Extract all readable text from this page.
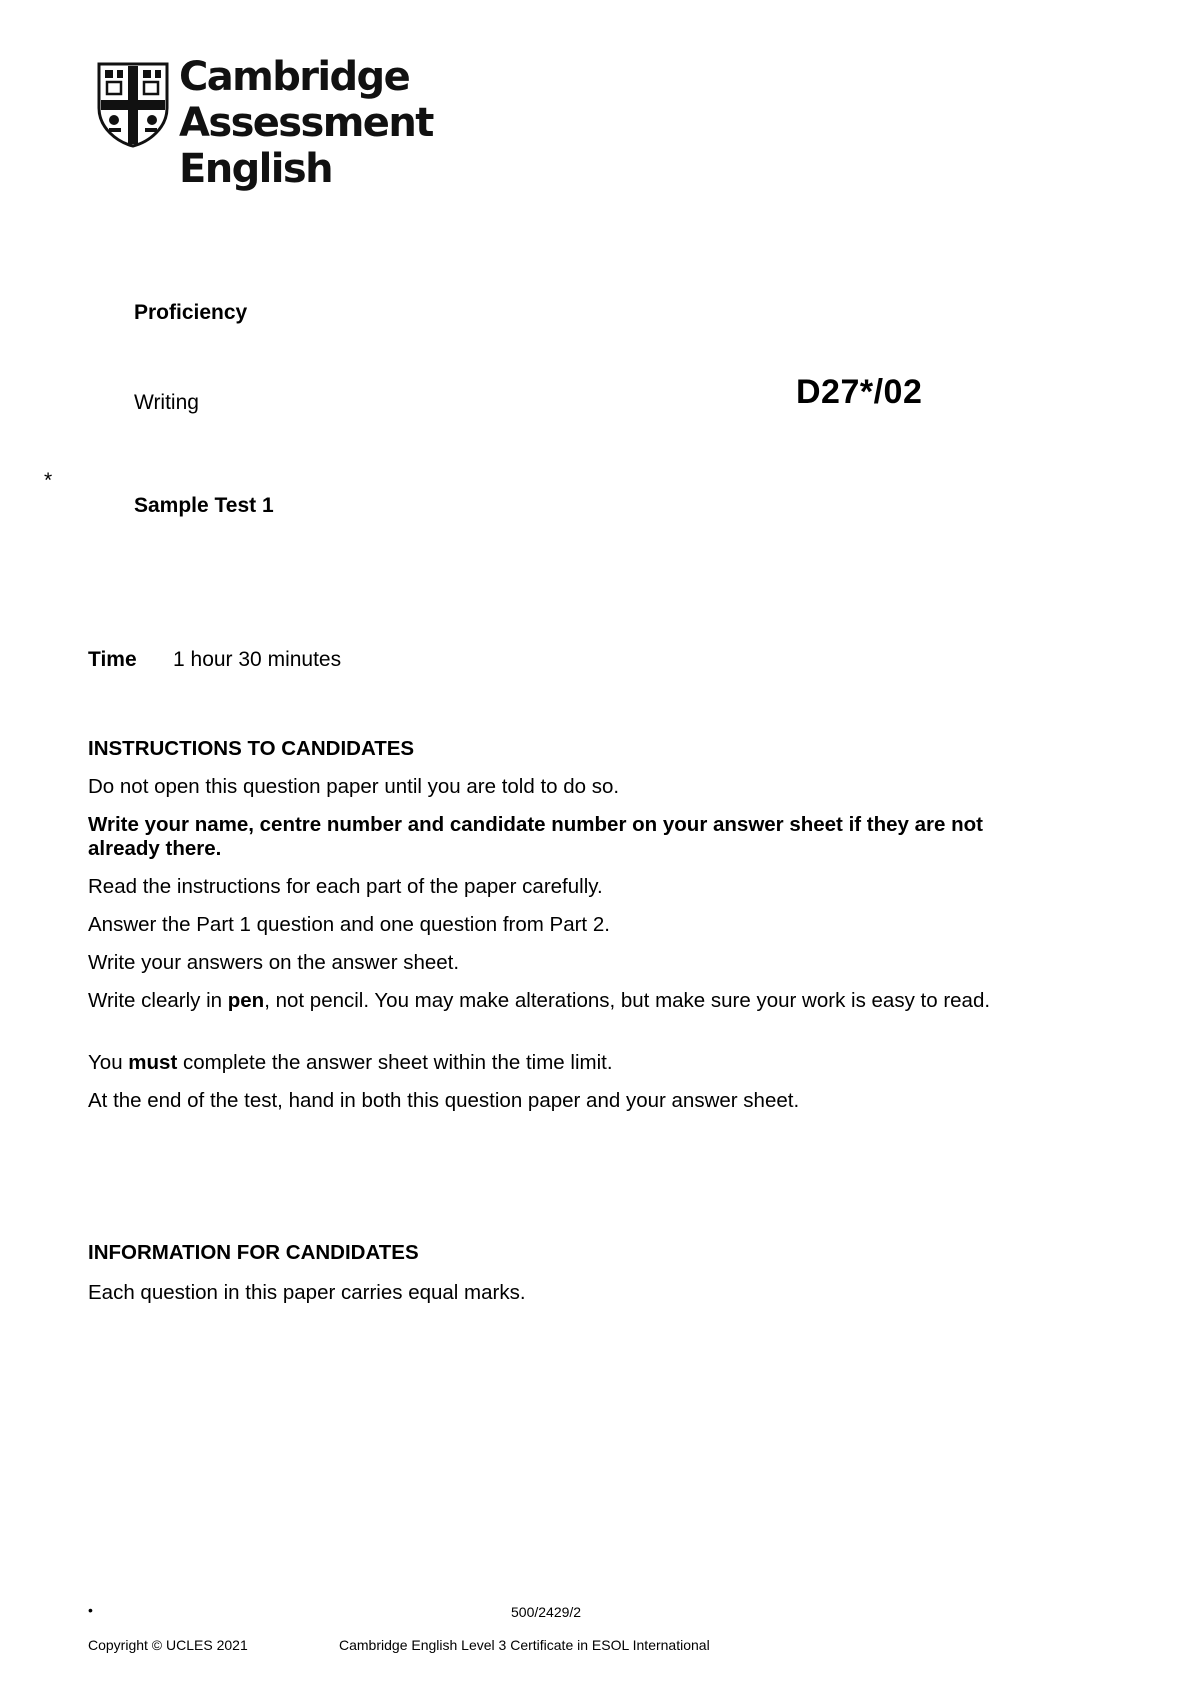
Cambridge Assessment
English
Proficiency
Writing	D27*/02
*
Sample Test 1
Time 1 hour 30 minutes
INSTRUCTIONS TO CANDIDATES

Do not open this question paper until you are told to do so.

Write your name, centre number and candidate number on your answer sheet if they are not already there.

Read the instructions for each part of the paper carefully.

Answer the Part 1 question and one question from Part 2.

Write your answers on the answer sheet.

Write clearly in pen, not pencil. You may make alterations, but make sure your work is easy to read.

You must complete the answer sheet within the time limit.

At the end of the test, hand in both this question paper and your answer sheet.

INFORMATION FOR CANDIDATES

Each question in this paper carries equal marks.

•	500/2429/2
Copyright © UCLES 2021	Cambridge English Level 3 Certificate in ESOL International
